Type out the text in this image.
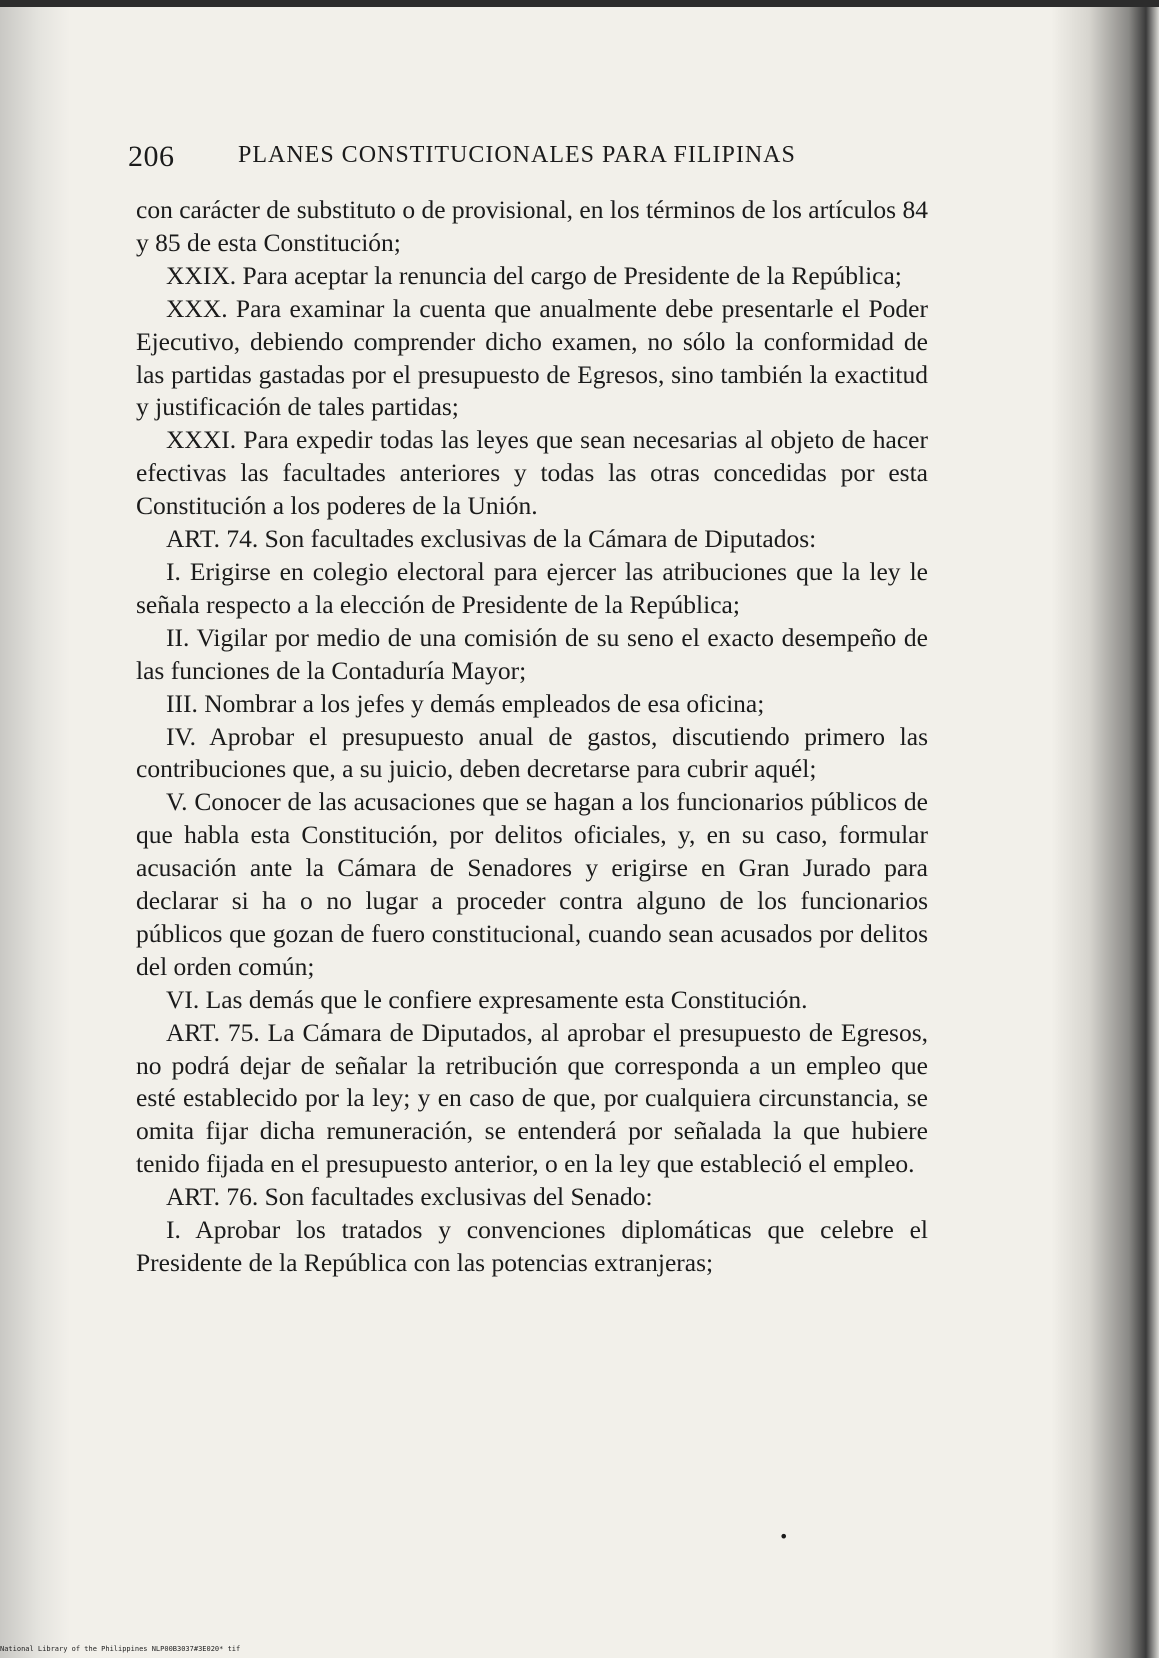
206	PLANES CONSTITUCIONALES PARA FILIPINAS

con carácter de substituto o de provisional, en los términos de los artículos 84 y 85 de esta Constitución;

XXIX. Para aceptar la renuncia del cargo de Presidente de la República;

XXX. Para examinar la cuenta que anualmente debe presentarle el Poder Ejecutivo, debiendo comprender dicho examen, no sólo la conformidad de las partidas gastadas por el presupuesto de Egresos, sino también la exactitud y justificación de tales partidas;

XXXI. Para expedir todas las leyes que sean necesarias al objeto de hacer efectivas las facultades anteriores y todas las otras concedidas por esta Constitución a los poderes de la Unión.

ART. 74. Son facultades exclusivas de la Cámara de Diputados:

I. Erigirse en colegio electoral para ejercer las atribuciones que la ley le señala respecto a la elección de Presidente de la República;

II. Vigilar por medio de una comisión de su seno el exacto desempeño de las funciones de la Contaduría Mayor;

III. Nombrar a los jefes y demás empleados de esa oficina;

IV. Aprobar el presupuesto anual de gastos, discutiendo primero las contribuciones que, a su juicio, deben decretarse para cubrir aquél;

V. Conocer de las acusaciones que se hagan a los funcionarios públicos de que habla esta Constitución, por delitos oficiales, y, en su caso, formular acusación ante la Cámara de Senadores y erigirse en Gran Jurado para declarar si ha o no lugar a proceder contra alguno de los funcionarios públicos que gozan de fuero constitucional, cuando sean acusados por delitos del orden común;

VI. Las demás que le confiere expresamente esta Constitución.

ART. 75. La Cámara de Diputados, al aprobar el presupuesto de Egresos, no podrá dejar de señalar la retribución que corresponda a un empleo que esté establecido por la ley; y en caso de que, por cualquiera circunstancia, se omita fijar dicha remuneración, se entenderá por señalada la que hubiere tenido fijada en el presupuesto anterior, o en la ley que estableció el empleo.

ART. 76. Son facultades exclusivas del Senado:

I. Aprobar los tratados y convenciones diplomáticas que celebre el Presidente de la República con las potencias extranjeras;

•
National Library of the Philippines NLP00B3037#3E020* tif
